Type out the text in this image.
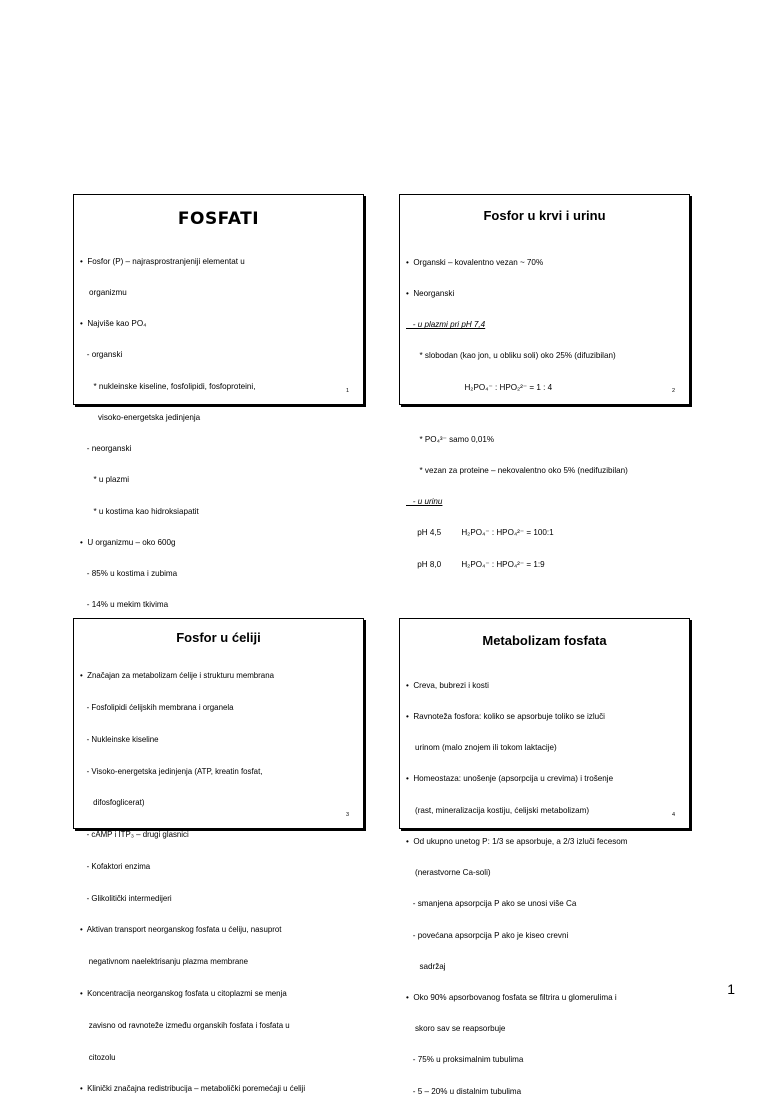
FOSFATI

•  Fosfor (P) – najrasprostranjeniji elementat u

organizmu

•  Najviše kao PO₄

- organski

* nukleinske kiseline, fosfolipidi, fosfoproteini,

visoko-energetska jedinjenja

- neorganski

* u plazmi

* u kostima kao hidroksiapatit

•  U organizmu – oko 600g

- 85% u kostima i zubima

- 14% u mekim tkivima

1
Fosfor u krvi i urinu

•  Organski – kovalentno vezan ~ 70%

•  Neorganski

- u plazmi pri pH 7,4

* slobodan (kao jon, u obliku soli) oko 25% (difuzibilan)

H₂PO₄⁻ : HPO₂²⁻ = 1 : 4

* PO₄³⁻ samo 0,01%

* vezan za proteine – nekovalentno oko 5% (nedifuzibilan)

- u urinu

pH 4,5         H₂PO₄⁻ : HPO₄²⁻ = 100:1

pH 8,0         H₂PO₄⁻ : HPO₄²⁻ = 1:9

2
Fosfor u ćeliji

•  Značajan za metabolizam ćelije i strukturu membrana

- Fosfolipidi ćelijskih membrana i organela

- Nukleinske kiseline

- Visoko-energetska jedinjenja (ATP, kreatin fosfat,

difosfoglicerat)

- cAMP i ITP₃ – drugi glasnici

- Kofaktori enzima

- Glikolitički intermedijeri

•  Aktivan transport neorganskog fosfata u ćeliju, nasuprot

negativnom naelektrisanju plazma membrane

•  Koncentracija neorganskog fosfata u citoplazmi se menja

zavisno od ravnoteže između organskih fosfata i fosfata u

citozolu

•  Klinički značajna redistribucija – metabolički poremećaji u ćeliji

3
Metabolizam fosfata

•  Creva, bubrezi i kosti

•  Ravnoteža fosfora: koliko se apsorbuje toliko se izluči

urinom (malo znojem ili tokom laktacije)

•  Homeostaza: unošenje (apsorpcija u crevima) i trošenje

(rast, mineralizacija kostiju, ćelijski metabolizam)

•  Od ukupno unetog P: 1/3 se apsorbuje, a 2/3 izluči fecesom

(nerastvorne Ca-soli)

- smanjena apsorpcija P ako se unosi više Ca

- povećana apsorpcija P ako je kiseo crevni

sadržaj

•  Oko 90% apsorbovanog fosfata se filtrira u glomerulima i

skoro sav se reapsorbuje

- 75% u proksimalnim tubulima

- 5 – 20% u distalnim tubulima

4
1
